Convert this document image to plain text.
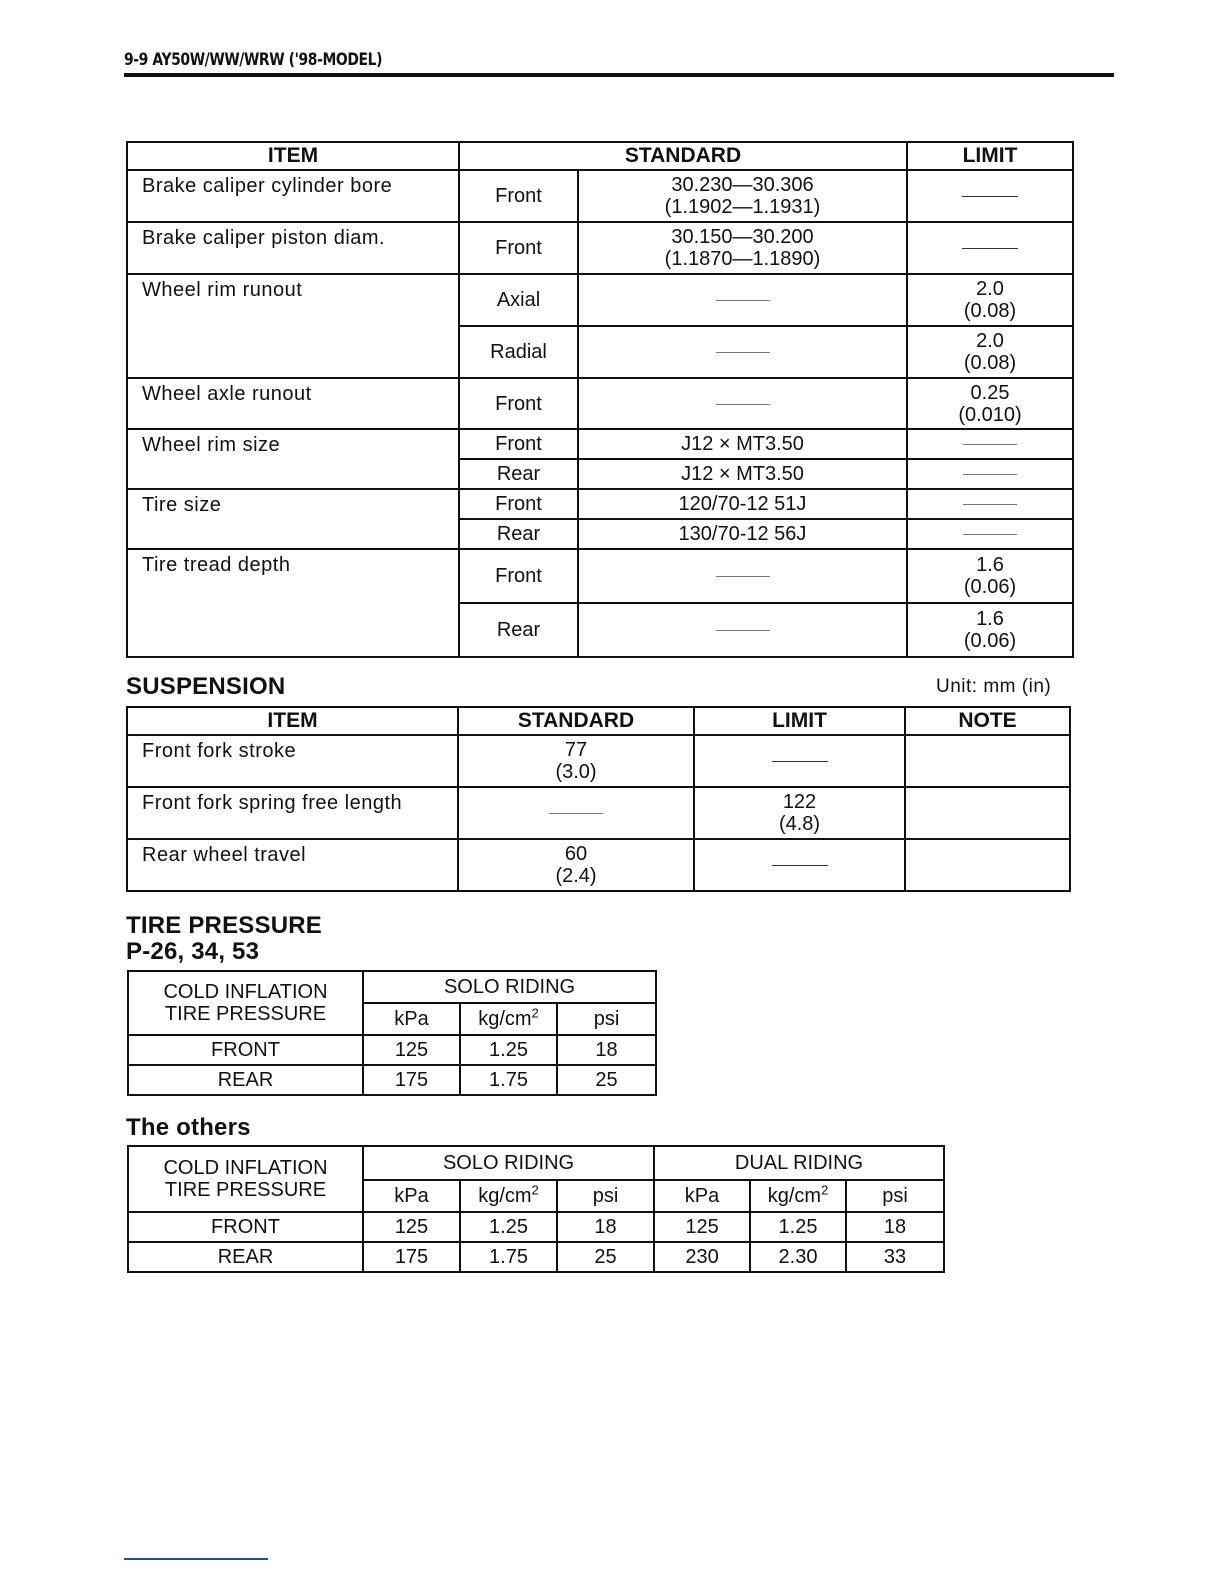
9-9 AY50W/WW/WRW ('98-MODEL)
ITEM	STANDARD		LIMIT
Brake caliper cylinder bore	Front	30.230—30.306
(1.1902—1.1931)	

Brake caliper piston diam.	Front	30.150—30.200
(1.1870—1.1890)	

Wheel rim runout	Axial		2.0
(0.08)

	Radial		2.0
(0.08)

Wheel axle runout	Front		0.25
(0.010)

Wheel rim size	Front	J12 × MT3.50	
	Rear	J12 × MT3.50	
Tire size	Front	120/70-12 51J	
	Rear	130/70-12 56J	
Tire tread depth	Front		1.6
(0.06)

	Rear		1.6
(0.06)
SUSPENSION	Unit: mm (in)
ITEM	STANDARD	LIMIT	NOTE
Front fork stroke	77
(3.0)		

Front fork spring free length		122
(4.8)	

Rear wheel travel	60
(2.4)		

TIRE PRESSURE
P-26, 34, 53
COLD INFLATION
TIRE PRESSURE	SOLO RIDING		
	kPa	$kg/cm^2$	psi
FRONT	125	1.25	18
REAR	175	1.75	25
The others
COLD INFLATION
TIRE PRESSURE	SOLO RIDING			DUAL RIDING		
	kPa	$kg/cm^2$	psi	kPa	$kg/cm^2$	psi
FRONT	125	1.25	18	125	1.25	18
REAR	175	1.75	25	230	2.30	33
